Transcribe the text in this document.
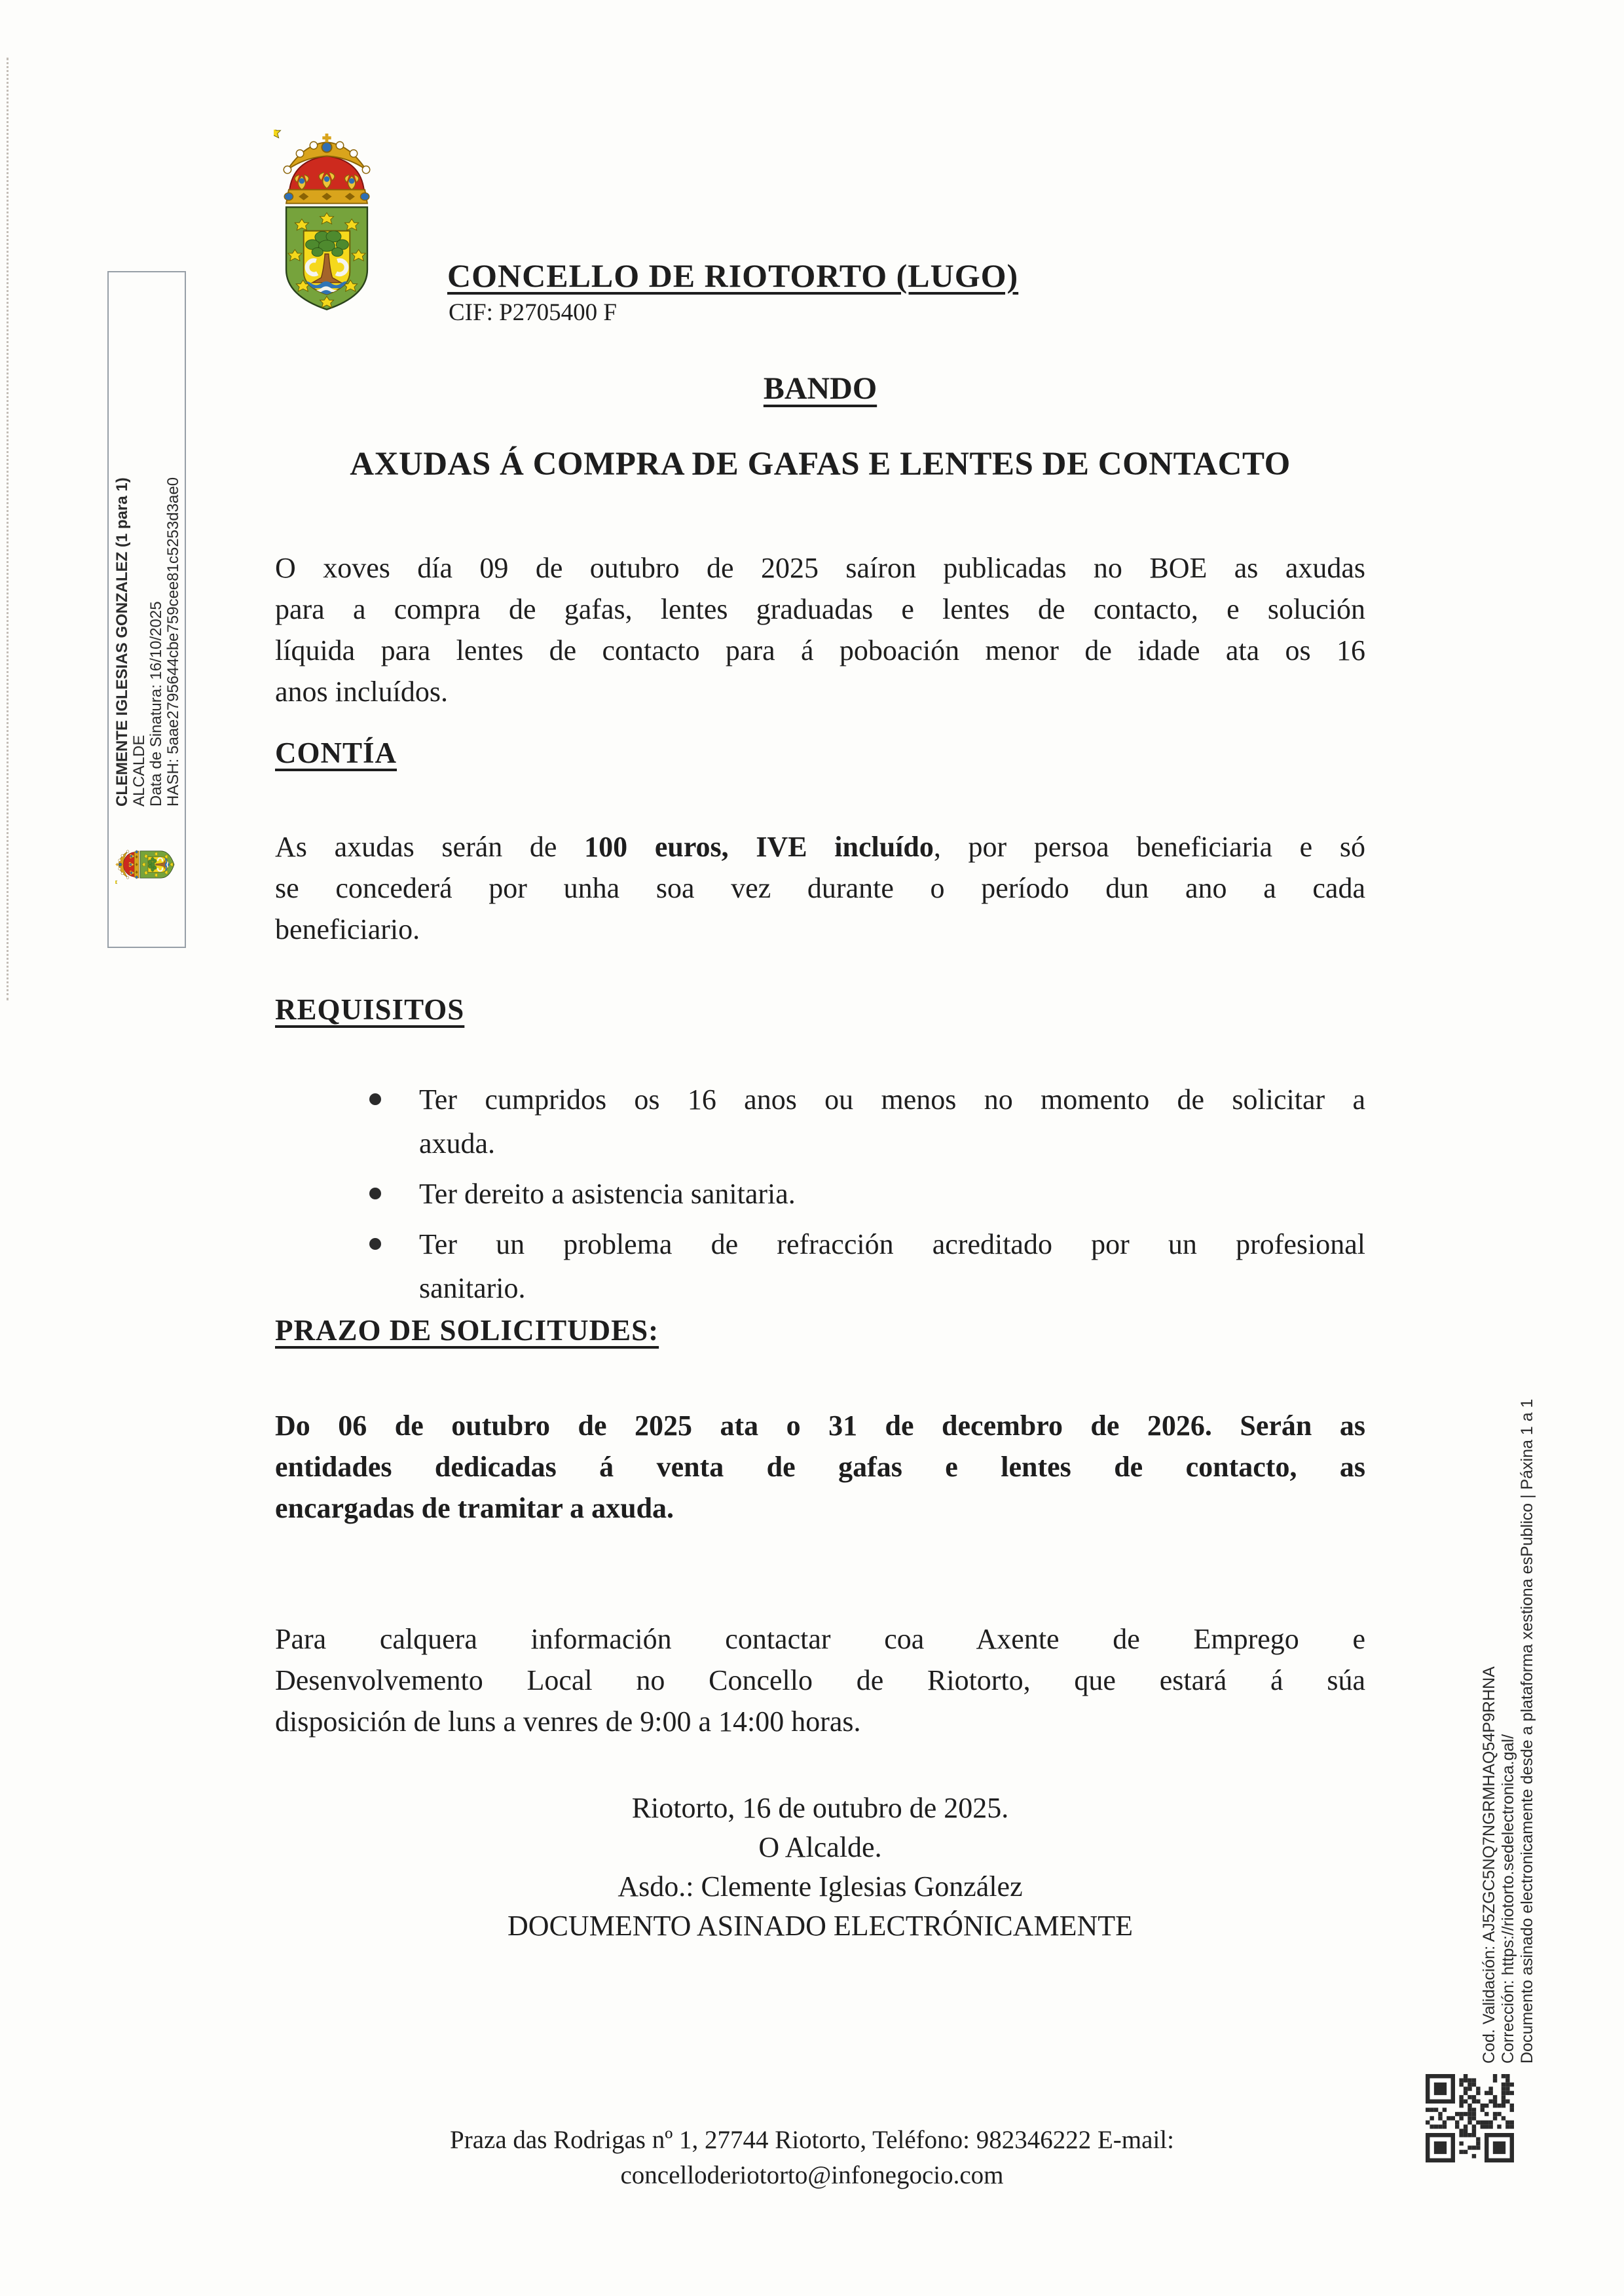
CONCELLO DE RIOTORTO (LUGO)
CIF: P2705400 F
CLEMENTE IGLESIAS GONZALEZ (1 para 1) ALCALDE Data de Sinatura: 16/10/2025 HASH: 5aae2795644cbe759cee81c5253d3ae0
BANDO
AXUDAS Á COMPRA DE GAFAS E LENTES DE CONTACTO
O xoves día 09 de outubro de 2025 saíron publicadas no BOE as axudas
para a compra de gafas, lentes graduadas e lentes de contacto, e solución
líquida para lentes de contacto para á poboación menor de idade ata os 16
anos incluídos.
CONTÍA
As axudas serán de 100 euros, IVE incluído, por persoa beneficiaria e só
se concederá por unha soa vez durante o período dun ano a cada
beneficiario.
REQUISITOS
Ter cumpridos os 16 anos ou menos no momento de solicitar a
axuda.
Ter dereito a asistencia sanitaria.
Ter un problema de refracción acreditado por un profesional
sanitario.
PRAZO DE SOLICITUDES:
Do 06 de outubro de 2025 ata o 31 de decembro de 2026. Serán as
entidades dedicadas á venta de gafas e lentes de contacto, as
encargadas de tramitar a axuda.
Para calquera información contactar coa Axente de Emprego e
Desenvolvemento Local no Concello de Riotorto, que estará á súa
disposición de luns a venres de 9:00 a 14:00 horas.
Riotorto, 16 de outubro de 2025.
O Alcalde.
Asdo.: Clemente Iglesias González
DOCUMENTO ASINADO ELECTRÓNICAMENTE	Cod. Validación: AJ5ZGC5NQ7NGRMHAQ54P9RHNA Corrección: https://riotorto.sedelectronica.gal/ Documento asinado electronicamente desde a plataforma xestiona esPublico | Páxina 1 a 1
Praza das Rodrigas nº 1, 27744 Riotorto, Teléfono: 982346222 E-mail:
concelloderiotorto@infonegocio.com
